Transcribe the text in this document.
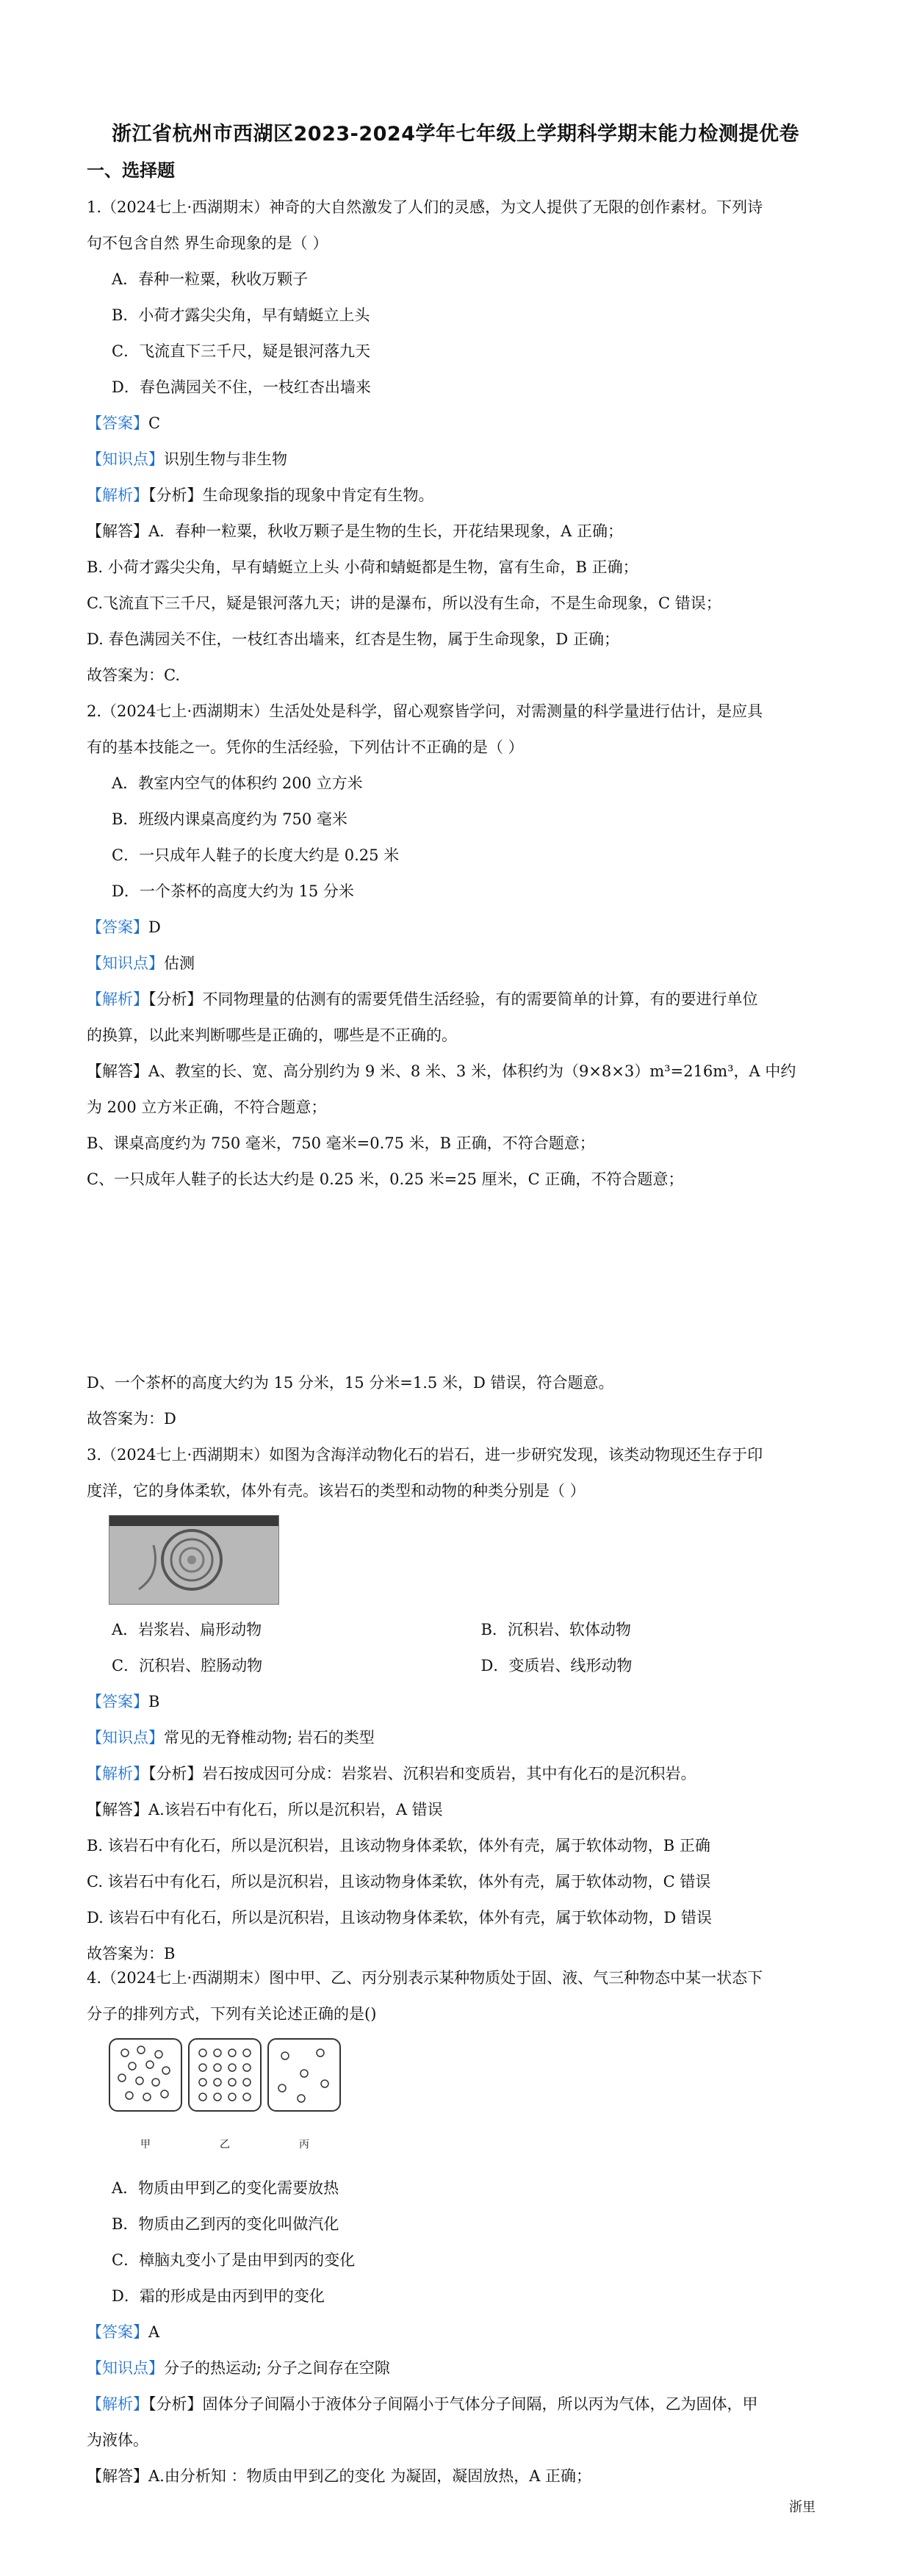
浙江省杭州市西湖区2023-2024学年七年级上学期科学期末能力检测提优卷
一、选择题
1.（2024七上·西湖期末）神奇的大自然激发了人们的灵感，为文人提供了无限的创作素材。下列诗
句不包含自然 界生命现象的是（ ）
A．春种一粒粟，秋收万颗子
B．小荷才露尖尖角，早有蜻蜓立上头
C．飞流直下三千尺，疑是银河落九天
D．春色满园关不住，一枝红杏出墙来
【答案】C
【知识点】识别生物与非生物
【解析】【分析】生命现象指的现象中肯定有生物。
【解答】A．春种一粒粟，秋收万颗子是生物的生长，开花结果现象，A 正确；
B. 小荷才露尖尖角，早有蜻蜓立上头 小荷和蜻蜓都是生物，富有生命，B 正确；
C.飞流直下三千尺，疑是银河落九天；讲的是瀑布，所以没有生命，不是生命现象，C 错误；
D. 春色满园关不住，一枝红杏出墙来，红杏是生物，属于生命现象，D 正确；
故答案为：C.
2.（2024七上·西湖期末）生活处处是科学，留心观察皆学问，对需测量的科学量进行估计，是应具
有的基本技能之一。凭你的生活经验，下列估计不正确的是（ ）
A．教室内空气的体积约 200 立方米
B．班级内课桌高度约为 750 毫米
C．一只成年人鞋子的长度大约是 0.25 米
D．一个茶杯的高度大约为 15 分米
【答案】D
【知识点】估测
【解析】【分析】不同物理量的估测有的需要凭借生活经验，有的需要简单的计算，有的要进行单位
的换算，以此来判断哪些是正确的，哪些是不正确的。
【解答】A、教室的长、宽、高分别约为 9 米、8 米、3 米，体积约为（9×8×3）m³=216m³，A 中约
为 200 立方米正确，不符合题意；
B、课桌高度约为 750 毫米，750 毫米=0.75 米，B 正确，不符合题意；
C、一只成年人鞋子的长达大约是 0.25 米，0.25 米=25 厘米，C 正确，不符合题意；
D、一个茶杯的高度大约为 15 分米，15 分米=1.5 米，D 错误，符合题意。
故答案为：D
3.（2024七上·西湖期末）如图为含海洋动物化石的岩石，进一步研究发现，该类动物现还生存于印
度洋，它的身体柔软，体外有壳。该岩石的类型和动物的种类分别是（ ）
A．岩浆岩、扁形动物	B．沉积岩、软体动物
C．沉积岩、腔肠动物	D．变质岩、线形动物
【答案】B
【知识点】常见的无脊椎动物; 岩石的类型
【解析】【分析】岩石按成因可分成：岩浆岩、沉积岩和变质岩，其中有化石的是沉积岩。
【解答】A.该岩石中有化石，所以是沉积岩，A 错误
B. 该岩石中有化石，所以是沉积岩，且该动物身体柔软，体外有壳，属于软体动物，B 正确
C. 该岩石中有化石，所以是沉积岩，且该动物身体柔软，体外有壳，属于软体动物，C 错误
D. 该岩石中有化石，所以是沉积岩，且该动物身体柔软，体外有壳，属于软体动物，D 错误
故答案为：B
4.（2024七上·西湖期末）图中甲、乙、丙分别表示某种物质处于固、液、气三种物态中某一状态下
分子的排列方式，下列有关论述正确的是()
甲	乙	丙
A．物质由甲到乙的变化需要放热
B．物质由乙到丙的变化叫做汽化
C．樟脑丸变小了是由甲到丙的变化
D．霜的形成是由丙到甲的变化
【答案】A
【知识点】分子的热运动; 分子之间存在空隙
【解析】【分析】固体分子间隔小于液体分子间隔小于气体分子间隔，所以丙为气体，乙为固体，甲
为液体。
【解答】A.由分析知 ：物质由甲到乙的变化 为凝固，凝固放热，A 正确；
浙里
